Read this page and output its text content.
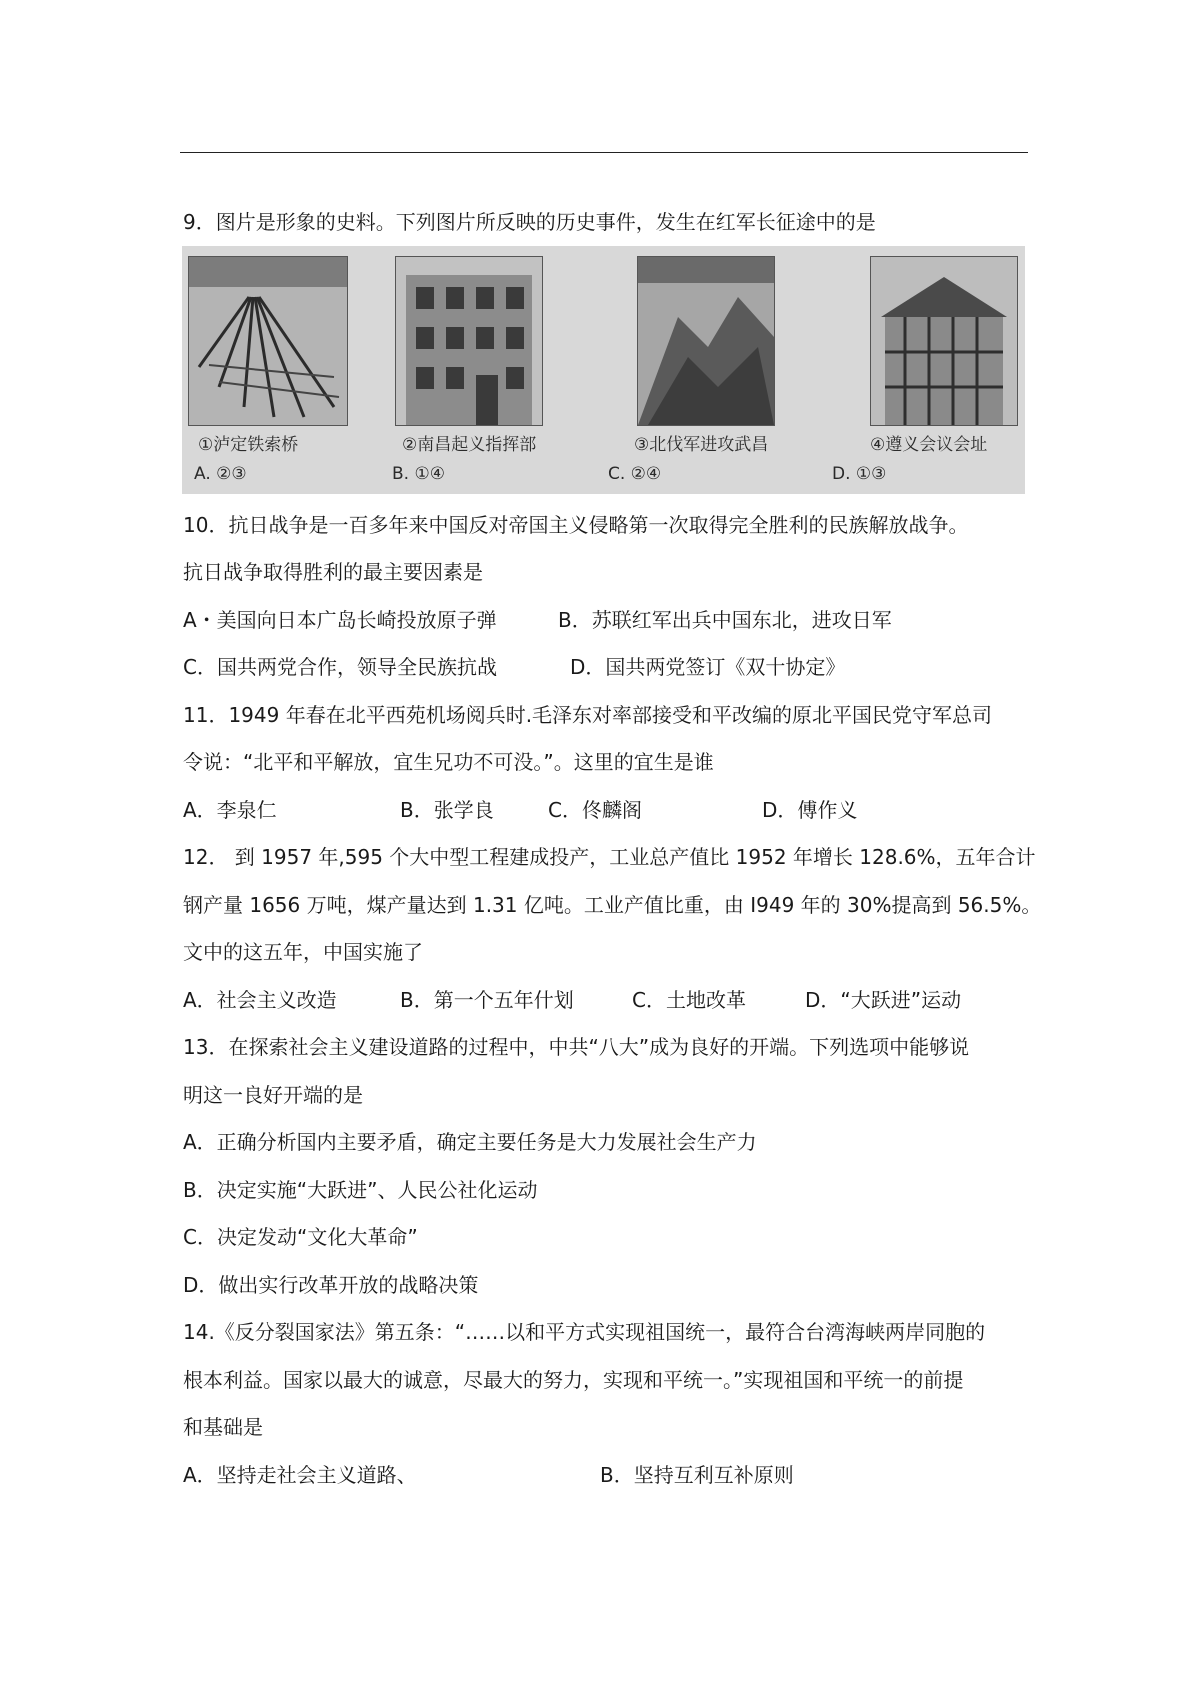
9．图片是形象的史料。下列图片所反映的历史事件，发生在红军长征途中的是
①泸定铁索桥	②南昌起义指挥部	③北伐军进攻武昌	④遵义会议会址
A. ②③	B. ①④	C. ②④	D. ①③
10．抗日战争是一百多年来中国反对帝国主义侵略第一次取得完全胜利的民族解放战争。
抗日战争取得胜利的最主要因素是
A・美国向日本广岛长崎投放原子弹	B．苏联红军出兵中国东北，进攻日军
C．国共两党合作，领导全民族抗战	D．国共两党签订《双十协定》
11．1949 年春在北平西苑机场阅兵时.毛泽东对率部接受和平改编的原北平国民党守军总司
令说：“北平和平解放，宜生兄功不可没。”。这里的宜生是谁
A．李泉仁	B．张学良	C．佟麟阁	D．傅作义
12． 到 1957 年,595 个大中型工程建成投产，工业总产值比 1952 年增长 128.6%，五年合计
钢产量 1656 万吨，煤产量达到 1.31 亿吨。工业产值比重，由 I949 年的 30%提高到 56.5%。
文中的这五年，中国实施了
A．社会主义改造	B．第一个五年什划	C．土地改革	D．“大跃进”运动
13．在探索社会主义建设道路的过程中，中共“八大”成为良好的开端。下列选项中能够说
明这一良好开端的是
A．正确分析国内主要矛盾，确定主要任务是大力发展社会生产力
B．决定实施“大跃进”、人民公社化运动
C．决定发动“文化大革命”
D．做出实行改革开放的战略决策
14.《反分裂国家法》第五条：“……以和平方式实现祖国统一，最符合台湾海峡两岸同胞的
根本利益。国家以最大的诚意，尽最大的努力，实现和平统一。”实现祖国和平统一的前提
和基础是
A．坚持走社会主义道路、	B．坚持互利互补原则
